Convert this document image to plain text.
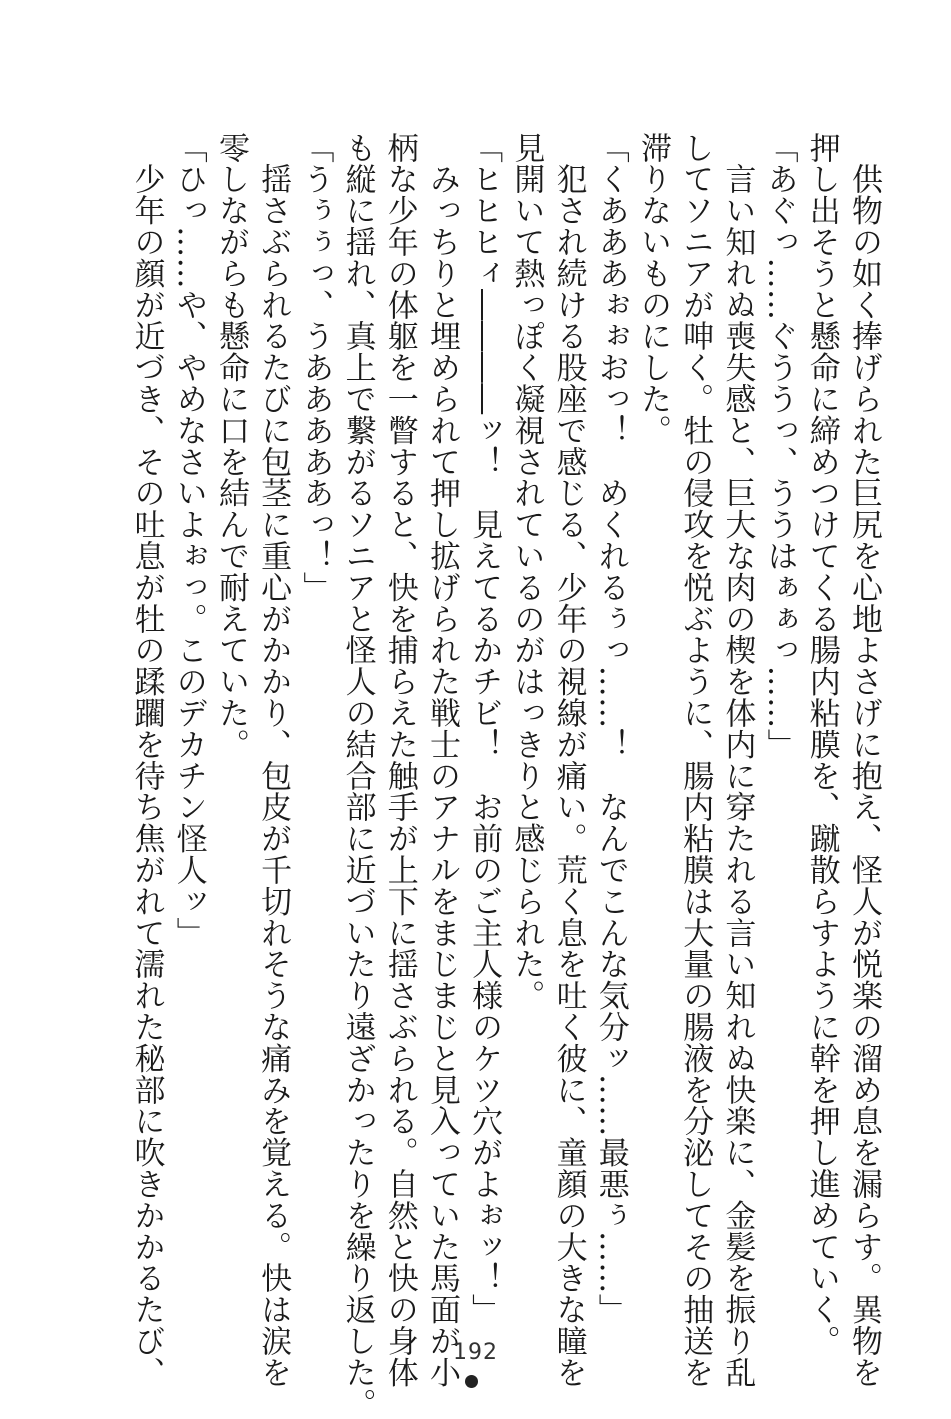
　供物の如く捧げられた巨尻を心地よさげに抱え、怪人が悦楽の溜め息を漏らす。異物を

押し出そうと懸命に締めつけてくる腸内粘膜を、蹴散らすように幹を押し進めていく。

「あぐっ……ぐううっ、ううはぁぁっ……」

　言い知れぬ喪失感と、巨大な肉の楔を体内に穿たれる言い知れぬ快楽に、金髪を振り乱

してソニアが呻く。牡の侵攻を悦ぶように、腸内粘膜は大量の腸液を分泌してその抽送を

滞りないものにした。

「くあああぉぉおっ！　めくれるぅっ……！　なんでこんな気分ッ……最悪ぅ……」

　犯され続ける股座で感じる、少年の視線が痛い。荒く息を吐く彼に、童顔の大きな瞳を

見開いて熱っぽく凝視されているのがはっきりと感じられた。

「ヒヒヒィ――――ッ！　見えてるかチビ！　お前のご主人様のケツ穴がよぉッ！」

　みっちりと埋められて押し拡げられた戦士のアナルをまじまじと見入っていた馬面が小

柄な少年の体躯を一瞥すると、快を捕らえた触手が上下に揺さぶられる。自然と快の身体

も縦に揺れ、真上で繋がるソニアと怪人の結合部に近づいたり遠ざかったりを繰り返した。

「うぅぅっ、うあああああっ！」

　揺さぶられるたびに包茎に重心がかかり、包皮が千切れそうな痛みを覚える。快は涙を

零しながらも懸命に口を結んで耐えていた。

「ひっ……や、やめなさいよぉっ。このデカチン怪人ッ」

　少年の顔が近づき、その吐息が牡の蹂躙を待ち焦がれて濡れた秘部に吹きかかるたび、	192
